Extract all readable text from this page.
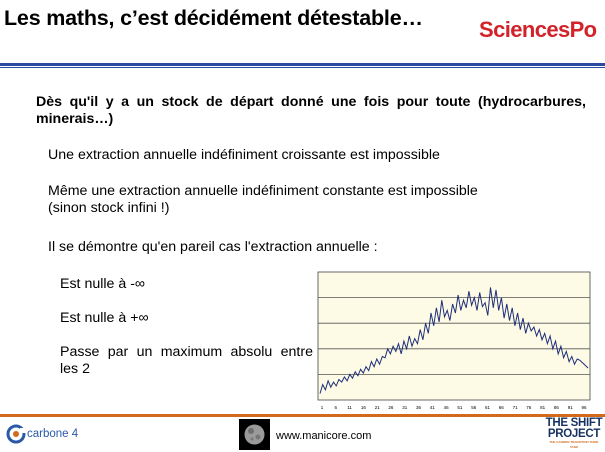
Les maths, c’est décidément détestable…	SciencesPo
Dès qu'il y a un stock de départ donné une fois pour toute (hydrocarbures, minerais…)
Une extraction annuelle indéfiniment croissante est impossible
Même une extraction annuelle indéfiniment constante est impossible (sinon stock infini !)
Il se démontre qu'en pareil cas l'extraction annuelle :
Est nulle à -∞
Est nulle à +∞
Passe par un maximum absolu entre les 2
1	6 11 16 21 26 31 36 41 46 51 56 61 66 71 76 81 86 91 96
carbone 4	www.manicore.com
THE SHIFT
PROJECT
THE CARBON TRANSITION THINK TANK
